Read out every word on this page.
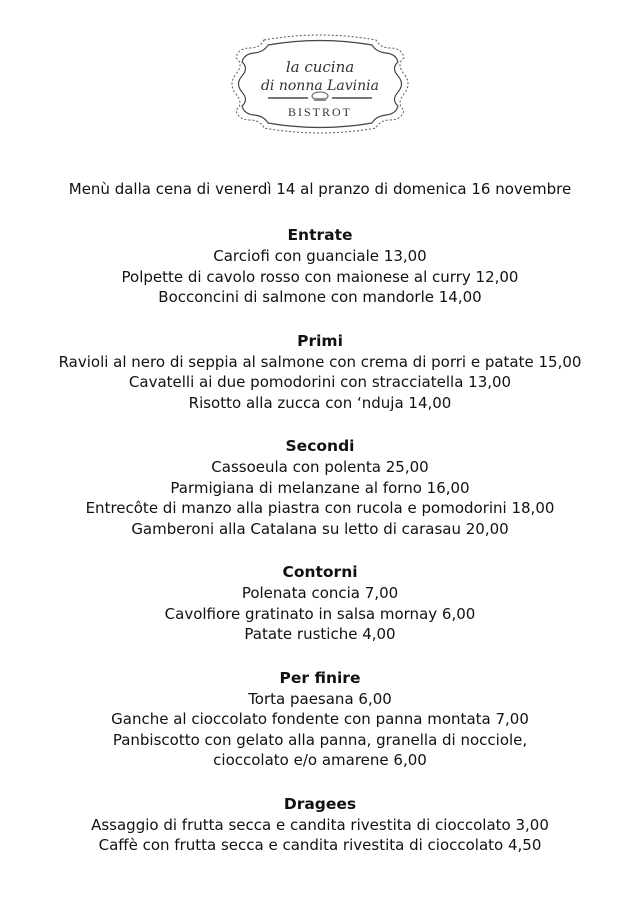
la cucina
di nonna Lavinia
BISTROT
Menù dalla cena di venerdì 14 al pranzo di domenica 16 novembre
Entrate
Carciofi con guanciale 13,00
Polpette di cavolo rosso con maionese al curry 12,00
Bocconcini di salmone con mandorle 14,00
Primi
Ravioli al nero di seppia al salmone con crema di porri e patate 15,00
Cavatelli ai due pomodorini con stracciatella 13,00
Risotto alla zucca con ‘nduja 14,00
Secondi
Cassoeula con polenta 25,00
Parmigiana di melanzane al forno 16,00
Entrecôte di manzo alla piastra con rucola e pomodorini 18,00
Gamberoni alla Catalana su letto di carasau 20,00
Contorni
Polenata concia 7,00
Cavolfiore gratinato in salsa mornay 6,00
Patate rustiche 4,00
Per finire
Torta paesana 6,00
Ganche al cioccolato fondente con panna montata 7,00
Panbiscotto con gelato alla panna, granella di nocciole,
cioccolato e/o amarene 6,00
Dragees
Assaggio di frutta secca e candita rivestita di cioccolato 3,00
Caffè con frutta secca e candita rivestita di cioccolato 4,50
